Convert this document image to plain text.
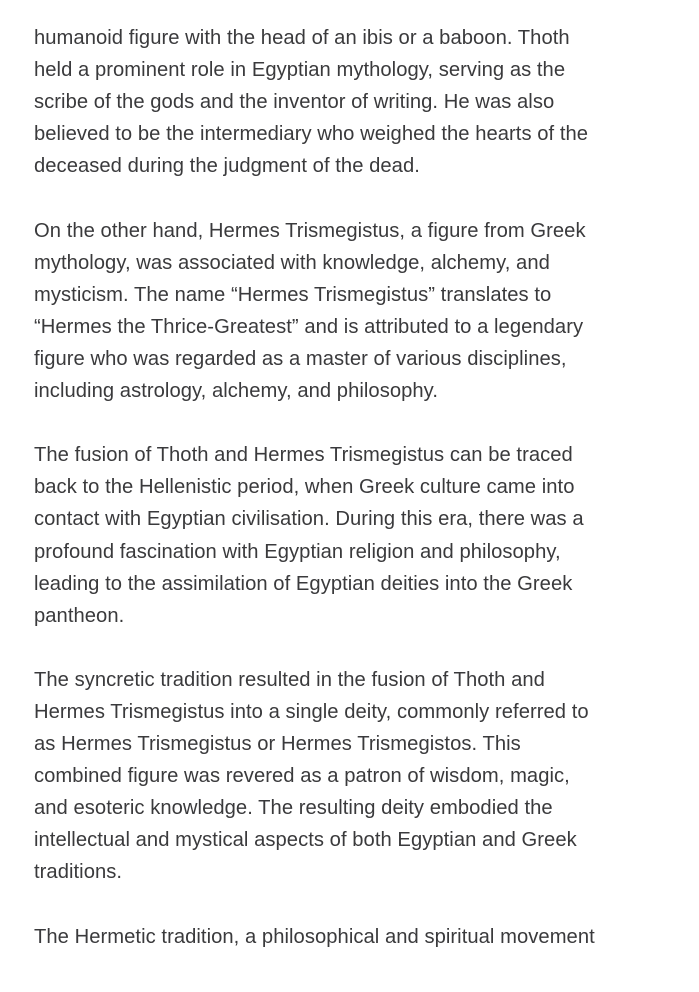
humanoid figure with the head of an ibis or a baboon. Thoth
held a prominent role in Egyptian mythology, serving as the
scribe of the gods and the inventor of writing. He was also
believed to be the intermediary who weighed the hearts of the
deceased during the judgment of the dead.

On the other hand, Hermes Trismegistus, a figure from Greek
mythology, was associated with knowledge, alchemy, and
mysticism. The name “Hermes Trismegistus” translates to
“Hermes the Thrice-Greatest” and is attributed to a legendary
figure who was regarded as a master of various disciplines,
including astrology, alchemy, and philosophy.

The fusion of Thoth and Hermes Trismegistus can be traced
back to the Hellenistic period, when Greek culture came into
contact with Egyptian civilisation. During this era, there was a
profound fascination with Egyptian religion and philosophy,
leading to the assimilation of Egyptian deities into the Greek
pantheon.

The syncretic tradition resulted in the fusion of Thoth and
Hermes Trismegistus into a single deity, commonly referred to
as Hermes Trismegistus or Hermes Trismegistos. This
combined figure was revered as a patron of wisdom, magic,
and esoteric knowledge. The resulting deity embodied the
intellectual and mystical aspects of both Egyptian and Greek
traditions.

The Hermetic tradition, a philosophical and spiritual movement
